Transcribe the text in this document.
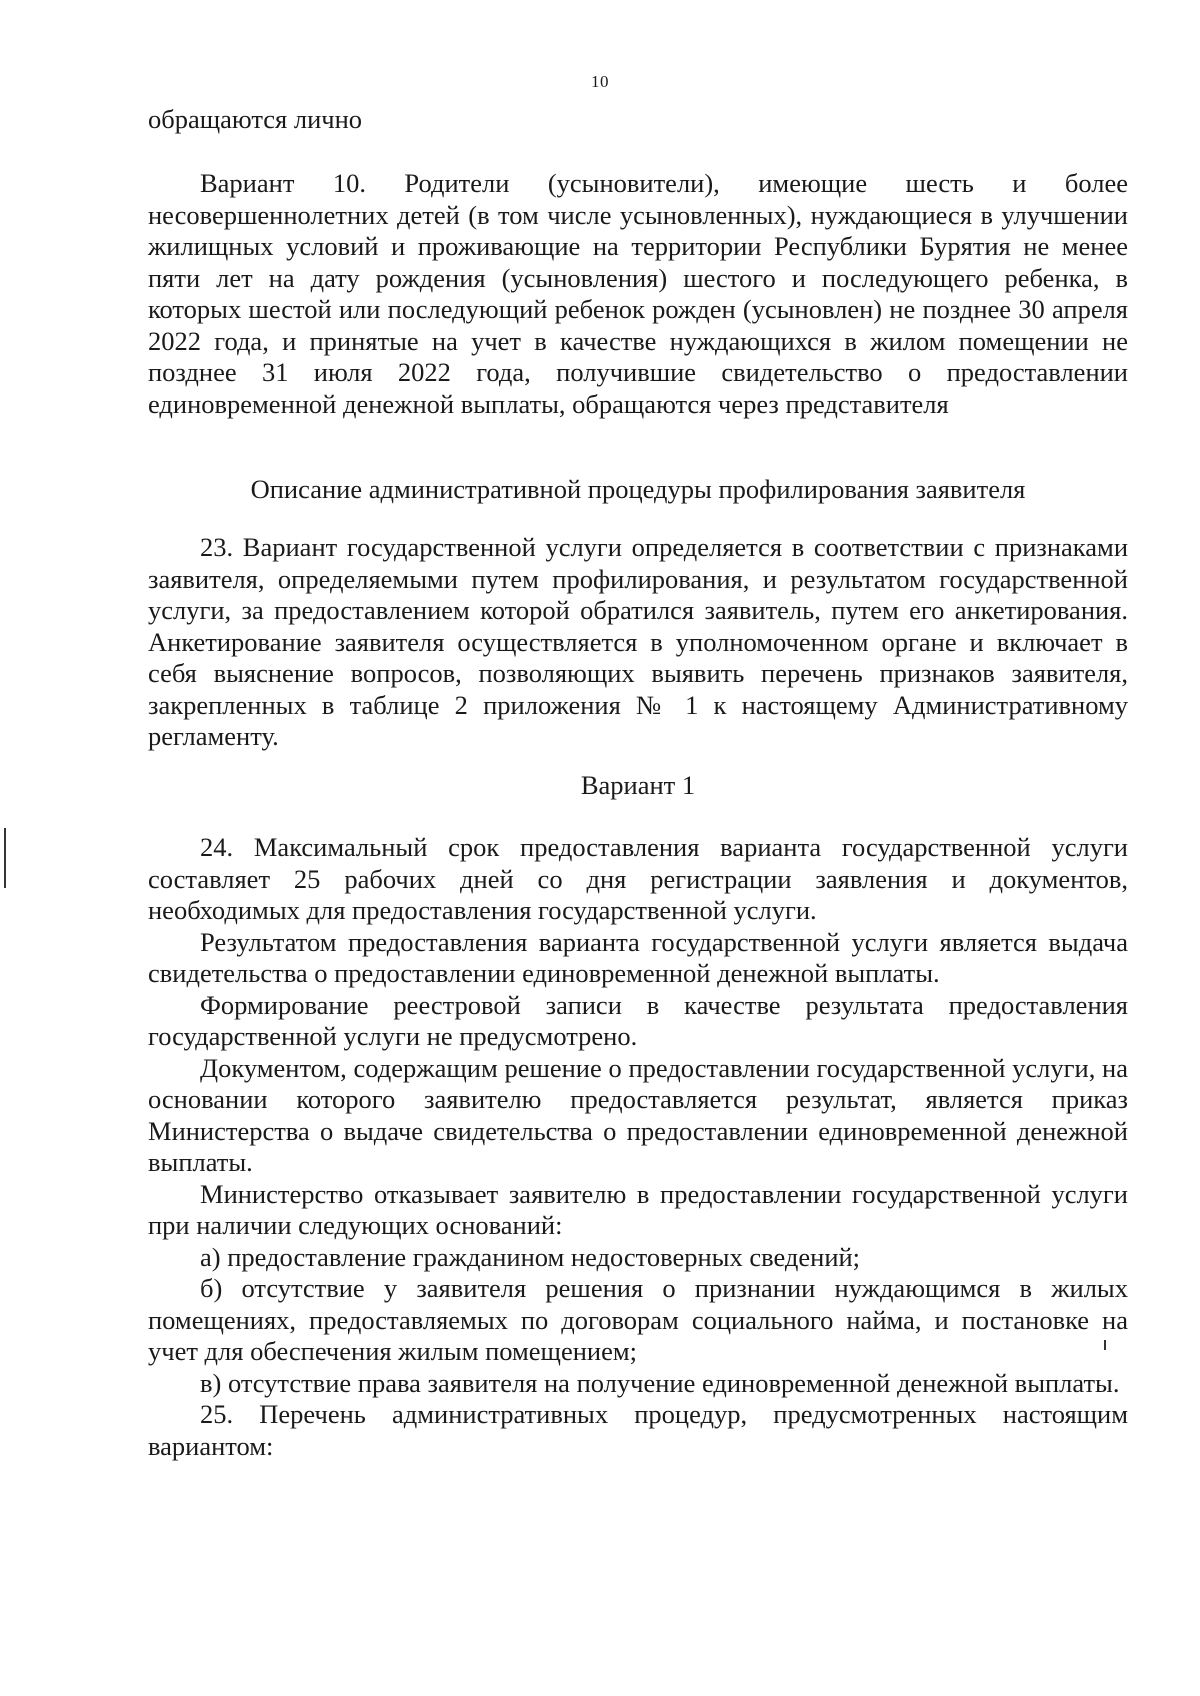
10

обращаются лично

Вариант 10. Родители (усыновители), имеющие шесть и более несовершеннолетних детей (в том числе усыновленных), нуждающиеся в улучшении жилищных условий и проживающие на территории Республики Бурятия не менее пяти лет на дату рождения (усыновления) шестого и последующего ребенка, в которых шестой или последующий ребенок рожден (усыновлен) не позднее 30 апреля 2022 года, и принятые на учет в качестве нуждающихся в жилом помещении не позднее 31 июля 2022 года, получившие свидетельство о предоставлении единовременной денежной выплаты, обращаются через представителя

Описание административной процедуры профилирования заявителя

23. Вариант государственной услуги определяется в соответствии с признаками заявителя, определяемыми путем профилирования, и результатом государственной услуги, за предоставлением которой обратился заявитель, путем его анкетирования. Анкетирование заявителя осуществляется в уполномоченном органе и включает в себя выяснение вопросов, позволяющих выявить перечень признаков заявителя, закрепленных в таблице 2 приложения № 1 к настоящему Административному регламенту.

Вариант 1

24. Максимальный срок предоставления варианта государственной услуги составляет 25 рабочих дней со дня регистрации заявления и документов, необходимых для предоставления государственной услуги.

Результатом предоставления варианта государственной услуги является выдача свидетельства о предоставлении единовременной денежной выплаты.

Формирование реестровой записи в качестве результата предоставления государственной услуги не предусмотрено.

Документом, содержащим решение о предоставлении государственной услуги, на основании которого заявителю предоставляется результат, является приказ Министерства о выдаче свидетельства о предоставлении единовременной денежной выплаты.

Министерство отказывает заявителю в предоставлении государственной услуги при наличии следующих оснований:

а) предоставление гражданином недостоверных сведений;

б) отсутствие у заявителя решения о признании нуждающимся в жилых помещениях, предоставляемых по договорам социального найма, и постановке на учет для обеспечения жилым помещением;

в) отсутствие права заявителя на получение единовременной денежной выплаты.

25. Перечень административных процедур, предусмотренных настоящим вариантом:
